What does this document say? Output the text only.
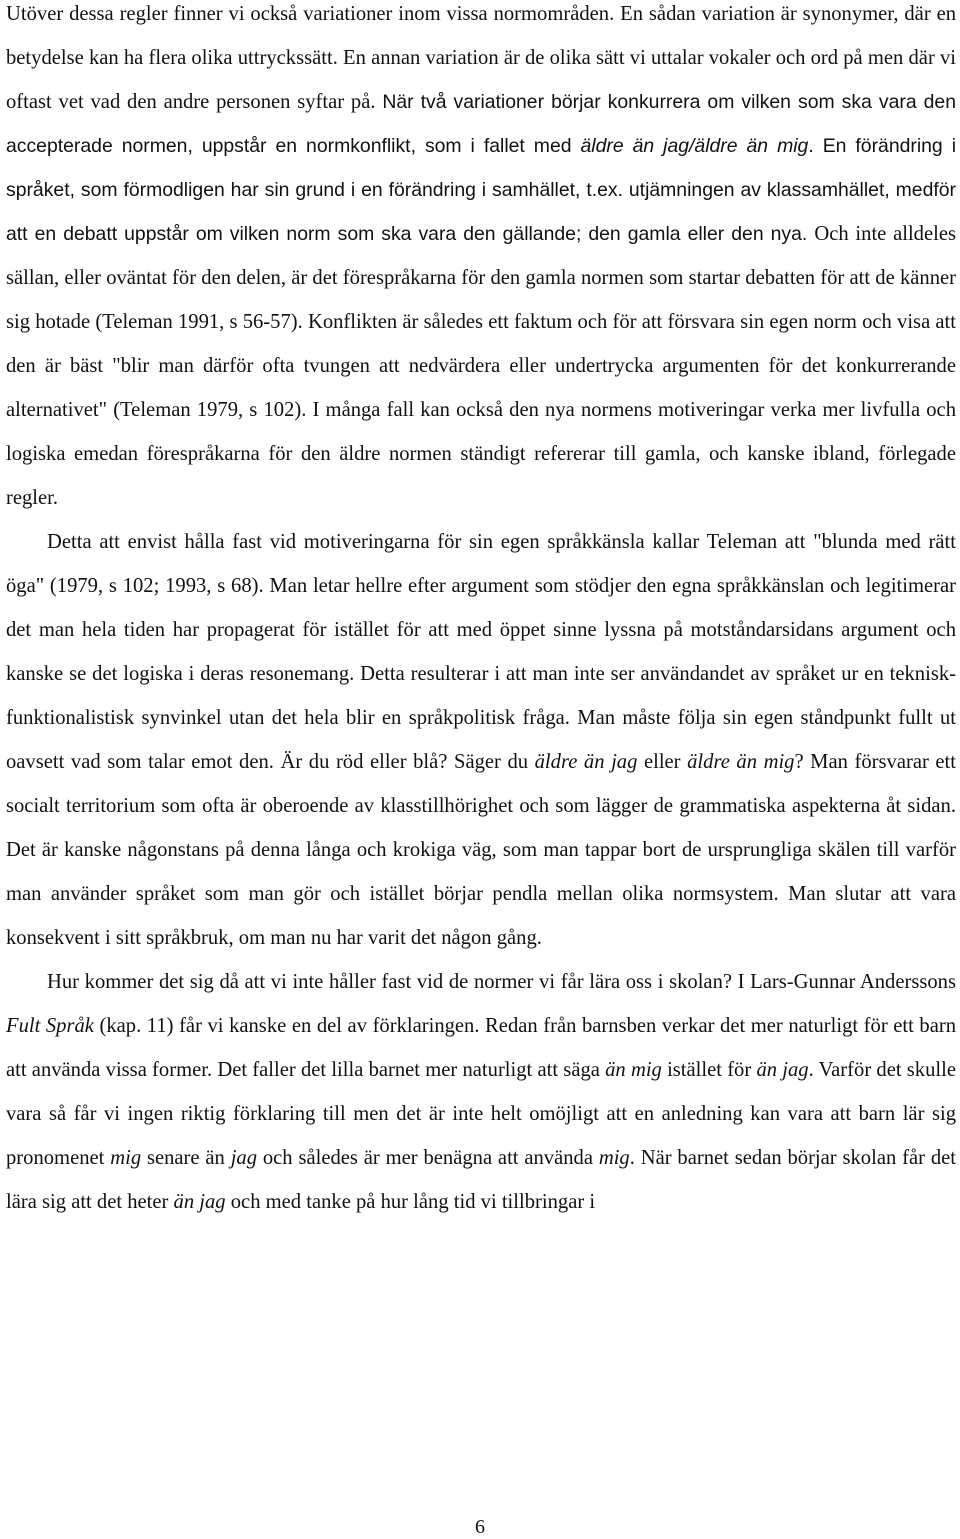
Utöver dessa regler finner vi också variationer inom vissa normområden. En sådan variation är synonymer, där en betydelse kan ha flera olika uttryckssätt. En annan variation är de olika sätt vi uttalar vokaler och ord på men där vi oftast vet vad den andre personen syftar på. När två variationer börjar konkurrera om vilken som ska vara den accepterade normen, uppstår en normkonflikt, som i fallet med äldre än jag/äldre än mig. En förändring i språket, som förmodligen har sin grund i en förändring i samhället, t.ex. utjämningen av klassamhället, medför att en debatt uppstår om vilken norm som ska vara den gällande; den gamla eller den nya. Och inte alldeles sällan, eller oväntat för den delen, är det förespråkarna för den gamla normen som startar debatten för att de känner sig hotade (Teleman 1991, s 56-57). Konflikten är således ett faktum och för att försvara sin egen norm och visa att den är bäst "blir man därför ofta tvungen att nedvärdera eller undertrycka argumenten för det konkurrerande alternativet" (Teleman 1979, s 102). I många fall kan också den nya normens motiveringar verka mer livfulla och logiska emedan förespråkarna för den äldre normen ständigt refererar till gamla, och kanske ibland, förlegade regler.

Detta att envist hålla fast vid motiveringarna för sin egen språkkänsla kallar Teleman att "blunda med rätt öga" (1979, s 102; 1993, s 68). Man letar hellre efter argument som stödjer den egna språkkänslan och legitimerar det man hela tiden har propagerat för istället för att med öppet sinne lyssna på motståndarsidans argument och kanske se det logiska i deras resonemang. Detta resulterar i att man inte ser användandet av språket ur en teknisk-funktionalistisk synvinkel utan det hela blir en språkpolitisk fråga. Man måste följa sin egen ståndpunkt fullt ut oavsett vad som talar emot den. Är du röd eller blå? Säger du äldre än jag eller äldre än mig? Man försvarar ett socialt territorium som ofta är oberoende av klasstillhörighet och som lägger de grammatiska aspekterna åt sidan. Det är kanske någonstans på denna långa och krokiga väg, som man tappar bort de ursprungliga skälen till varför man använder språket som man gör och istället börjar pendla mellan olika normsystem. Man slutar att vara konsekvent i sitt språkbruk, om man nu har varit det någon gång.

Hur kommer det sig då att vi inte håller fast vid de normer vi får lära oss i skolan? I Lars-Gunnar Anderssons Fult Språk (kap. 11) får vi kanske en del av förklaringen. Redan från barnsben verkar det mer naturligt för ett barn att använda vissa former. Det faller det lilla barnet mer naturligt att säga än mig istället för än jag. Varför det skulle vara så får vi ingen riktig förklaring till men det är inte helt omöjligt att en anledning kan vara att barn lär sig pronomenet mig senare än jag och således är mer benägna att använda mig. När barnet sedan börjar skolan får det lära sig att det heter än jag och med tanke på hur lång tid vi tillbringar i

6
